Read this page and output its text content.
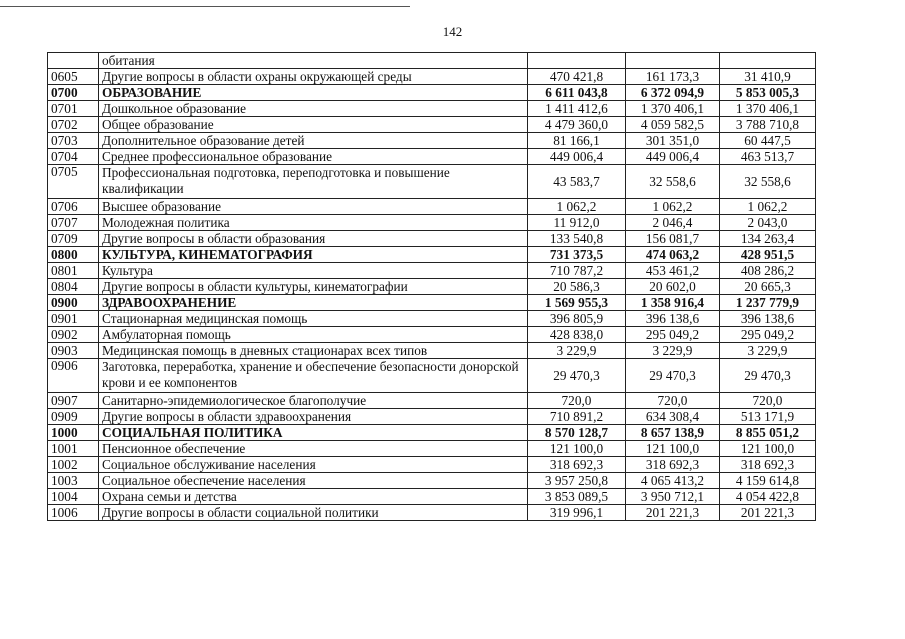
142
	обитания			
0605	Другие вопросы в области охраны окружающей среды	470 421,8	161 173,3	31 410,9
0700	ОБРАЗОВАНИЕ	6 611 043,8	6 372 094,9	5 853 005,3
0701	Дошкольное образование	1 411 412,6	1 370 406,1	1 370 406,1
0702	Общее образование	4 479 360,0	4 059 582,5	3 788 710,8
0703	Дополнительное образование детей	81 166,1	301 351,0	60 447,5
0704	Среднее профессиональное образование	449 006,4	449 006,4	463 513,7
0705	Профессиональная подготовка, переподготовка и повышение квалификации	43 583,7	32 558,6	32 558,6
0706	Высшее образование	1 062,2	1 062,2	1 062,2
0707	Молодежная политика	11 912,0	2 046,4	2 043,0
0709	Другие вопросы в области образования	133 540,8	156 081,7	134 263,4
0800	КУЛЬТУРА, КИНЕМАТОГРАФИЯ	731 373,5	474 063,2	428 951,5
0801	Культура	710 787,2	453 461,2	408 286,2
0804	Другие вопросы в области культуры, кинематографии	20 586,3	20 602,0	20 665,3
0900	ЗДРАВООХРАНЕНИЕ	1 569 955,3	1 358 916,4	1 237 779,9
0901	Стационарная медицинская помощь	396 805,9	396 138,6	396 138,6
0902	Амбулаторная помощь	428 838,0	295 049,2	295 049,2
0903	Медицинская помощь в дневных стационарах всех типов	3 229,9	3 229,9	3 229,9
0906	Заготовка, переработка, хранение и обеспечение безопасности донорской крови и ее компонентов	29 470,3	29 470,3	29 470,3
0907	Санитарно-эпидемиологическое благополучие	720,0	720,0	720,0
0909	Другие вопросы в области здравоохранения	710 891,2	634 308,4	513 171,9
1000	СОЦИАЛЬНАЯ ПОЛИТИКА	8 570 128,7	8 657 138,9	8 855 051,2
1001	Пенсионное обеспечение	121 100,0	121 100,0	121 100,0
1002	Социальное обслуживание населения	318 692,3	318 692,3	318 692,3
1003	Социальное обеспечение населения	3 957 250,8	4 065 413,2	4 159 614,8
1004	Охрана семьи и детства	3 853 089,5	3 950 712,1	4 054 422,8
1006	Другие вопросы в области социальной политики	319 996,1	201 221,3	201 221,3
